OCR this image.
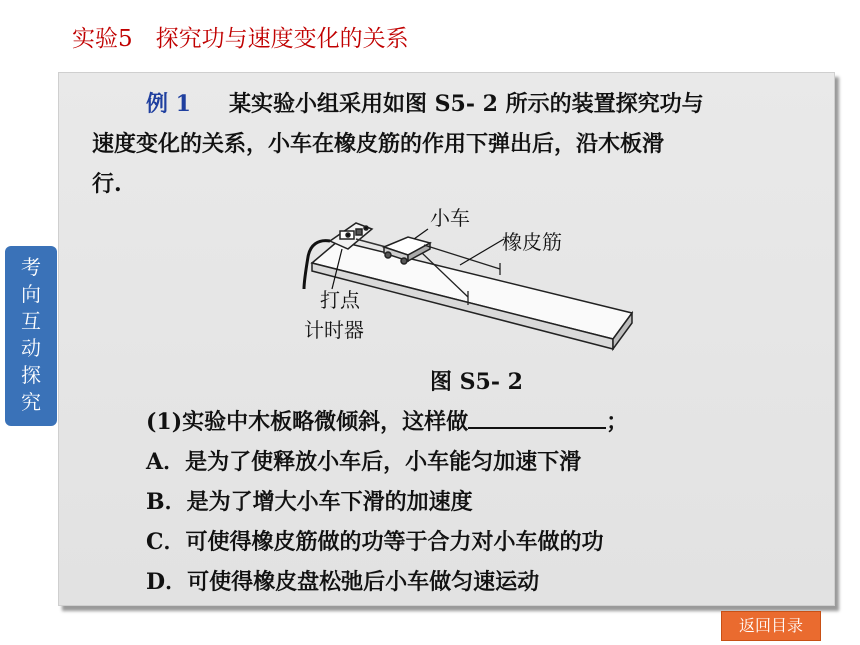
实验5　探究功与速度变化的关系
考
向
互
动
探
究
例 1 某实验小组采用如图 S5- 2 所示的装置探究功与
速度变化的关系，小车在橡皮筋的作用下弹出后，沿木板滑
行.
小车
橡皮筋
打点
计时器
图 S5- 2
(1)实验中木板略微倾斜，这样做	；
A．是为了使释放小车后，小车能匀加速下滑
B．是为了增大小车下滑的加速度
C．可使得橡皮筋做的功等于合力对小车做的功
D．可使得橡皮盘松弛后小车做匀速运动
返回目录
